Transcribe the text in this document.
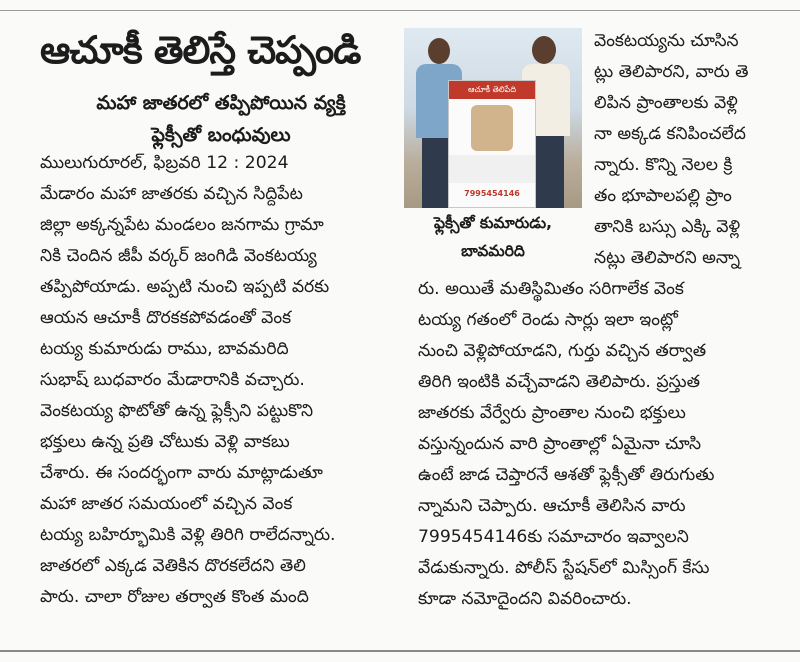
ఆచూకీ తెలిస్తే చెప్పండి
మహా జాతరలో తప్పిపోయిన వ్యక్తి
ఫ్లెక్సీతో బంధువులు
ములుగురూరల్, ఫిబ్రవరి 12 : 2024
మేడారం మహా జాతరకు వచ్చిన సిద్దిపేట
జిల్లా అక్కన్నపేట మండలం జనగామ గ్రామా
నికి చెందిన జీపీ వర్కర్ జంగిడి వెంకటయ్య
తప్పిపోయాడు. అప్పటి నుంచి ఇప్పటి వరకు
ఆయన ఆచూకీ దొరకకపోవడంతో వెంక
టయ్య కుమారుడు రాము, బావమరిది
సుభాష్ బుధవారం మేడారానికి వచ్చారు.
వెంకటయ్య ఫొటోతో ఉన్న ఫ్లెక్సీని పట్టుకొని
భక్తులు ఉన్న ప్రతి చోటుకు వెళ్లి వాకబు
చేశారు. ఈ సందర్భంగా వారు మాట్లాడుతూ
మహా జాతర సమయంలో వచ్చిన వెంక
టయ్య బహిర్భూమికి వెళ్లి తిరిగి రాలేదన్నారు.
జాతరలో ఎక్కడ వెతికిన దొరకలేదని తెలి
పారు. చాలా రోజుల తర్వాత కొంత మంది
ఆచూకీ తెలిపేది
7995454146
ఫ్లెక్సీతో కుమారుడు,
బావమరిది
వెంకటయ్యను చూసిన
ట్లు తెలిపారని, వారు తె
లిపిన ప్రాంతాలకు వెళ్లి
నా అక్కడ కనిపించలేద
న్నారు. కొన్ని నెలల క్రి
తం భూపాలపల్లి ప్రాం
తానికి బస్సు ఎక్కి వెళ్లి
నట్లు తెలిపారని అన్నా
రు. అయితే మతిస్థిమితం సరిగాలేక వెంక
టయ్య గతంలో రెండు సార్లు ఇలా ఇంట్లో
నుంచి వెళ్లిపోయాడని, గుర్తు వచ్చిన తర్వాత
తిరిగి ఇంటికి వచ్చేవాడని తెలిపారు. ప్రస్తుత
జాతరకు వేర్వేరు ప్రాంతాల నుంచి భక్తులు
వస్తున్నందున వారి ప్రాంతాల్లో ఏమైనా చూసి
ఉంటే జాడ చెప్తారనే ఆశతో ఫ్లెక్సీతో తిరుగుతు
న్నామని చెప్పారు. ఆచూకీ తెలిసిన వారు
7995454146కు సమాచారం ఇవ్వాలని
వేడుకున్నారు. పోలీస్ స్టేషన్‌లో మిస్సింగ్ కేసు
కూడా నమోదైందని వివరించారు.
